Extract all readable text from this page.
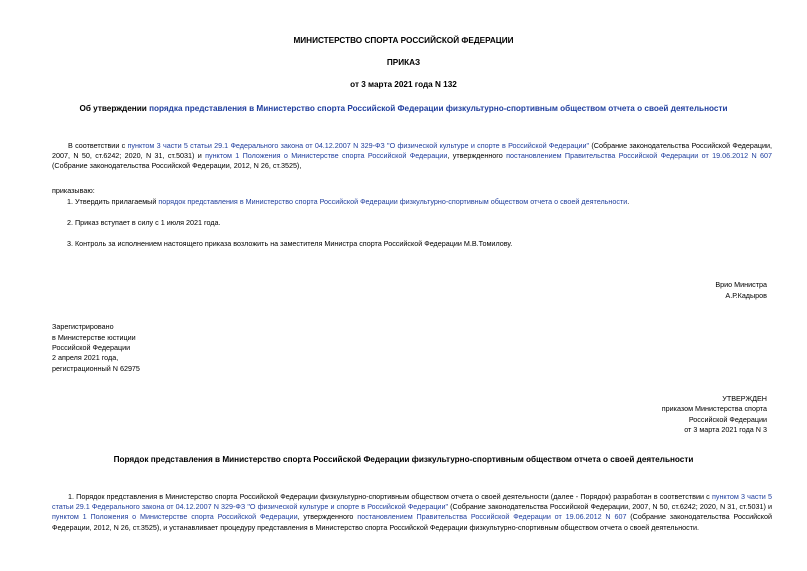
МИНИСТЕРСТВО СПОРТА РОССИЙСКОЙ ФЕДЕРАЦИИ
ПРИКАЗ
от 3 марта 2021 года N 132
Об утверждении порядка представления в Министерство спорта Российской Федерации физкультурно-спортивным обществом отчета о своей деятельности
В соответствии с пунктом 3 части 5 статьи 29.1 Федерального закона от 04.12.2007 N 329-ФЗ "О физической культуре и спорте в Российской Федерации" (Собрание законодательства Российской Федерации, 2007, N 50, ст.6242; 2020, N 31, ст.5031) и пунктом 1 Положения о Министерстве спорта Российской Федерации, утвержденного постановлением Правительства Российской Федерации от 19.06.2012 N 607 (Собрание законодательства Российской Федерации, 2012, N 26, ст.3525),
приказываю:
1. Утвердить прилагаемый порядок представления в Министерство спорта Российской Федерации физкультурно-спортивным обществом отчета о своей деятельности.
2. Приказ вступает в силу с 1 июля 2021 года.
3. Контроль за исполнением настоящего приказа возложить на заместителя Министра спорта Российской Федерации М.В.Томилову.
Врио Министра
А.Р.Кадыров
Зарегистрировано
в Министерстве юстиции
Российской Федерации
2 апреля 2021 года,
регистрационный N 62975
УТВЕРЖДЕН
приказом Министерства спорта
Российской Федерации
от 3 марта 2021 года N 3
Порядок представления в Министерство спорта Российской Федерации физкультурно-спортивным обществом отчета о своей деятельности
1. Порядок представления в Министерство спорта Российской Федерации физкультурно-спортивным обществом отчета о своей деятельности (далее - Порядок) разработан в соответствии с пунктом 3 части 5 статьи 29.1 Федерального закона от 04.12.2007 N 329-ФЗ "О физической культуре и спорте в Российской Федерации" (Собрание законодательства Российской Федерации, 2007, N 50, ст.6242; 2020, N 31, ст.5031) и пунктом 1 Положения о Министерстве спорта Российской Федерации, утвержденного постановлением Правительства Российской Федерации от 19.06.2012 N 607 (Собрание законодательства Российской Федерации, 2012, N 26, ст.3525), и устанавливает процедуру представления в Министерство спорта Российской Федерации физкультурно-спортивным обществом отчета о своей деятельности.
